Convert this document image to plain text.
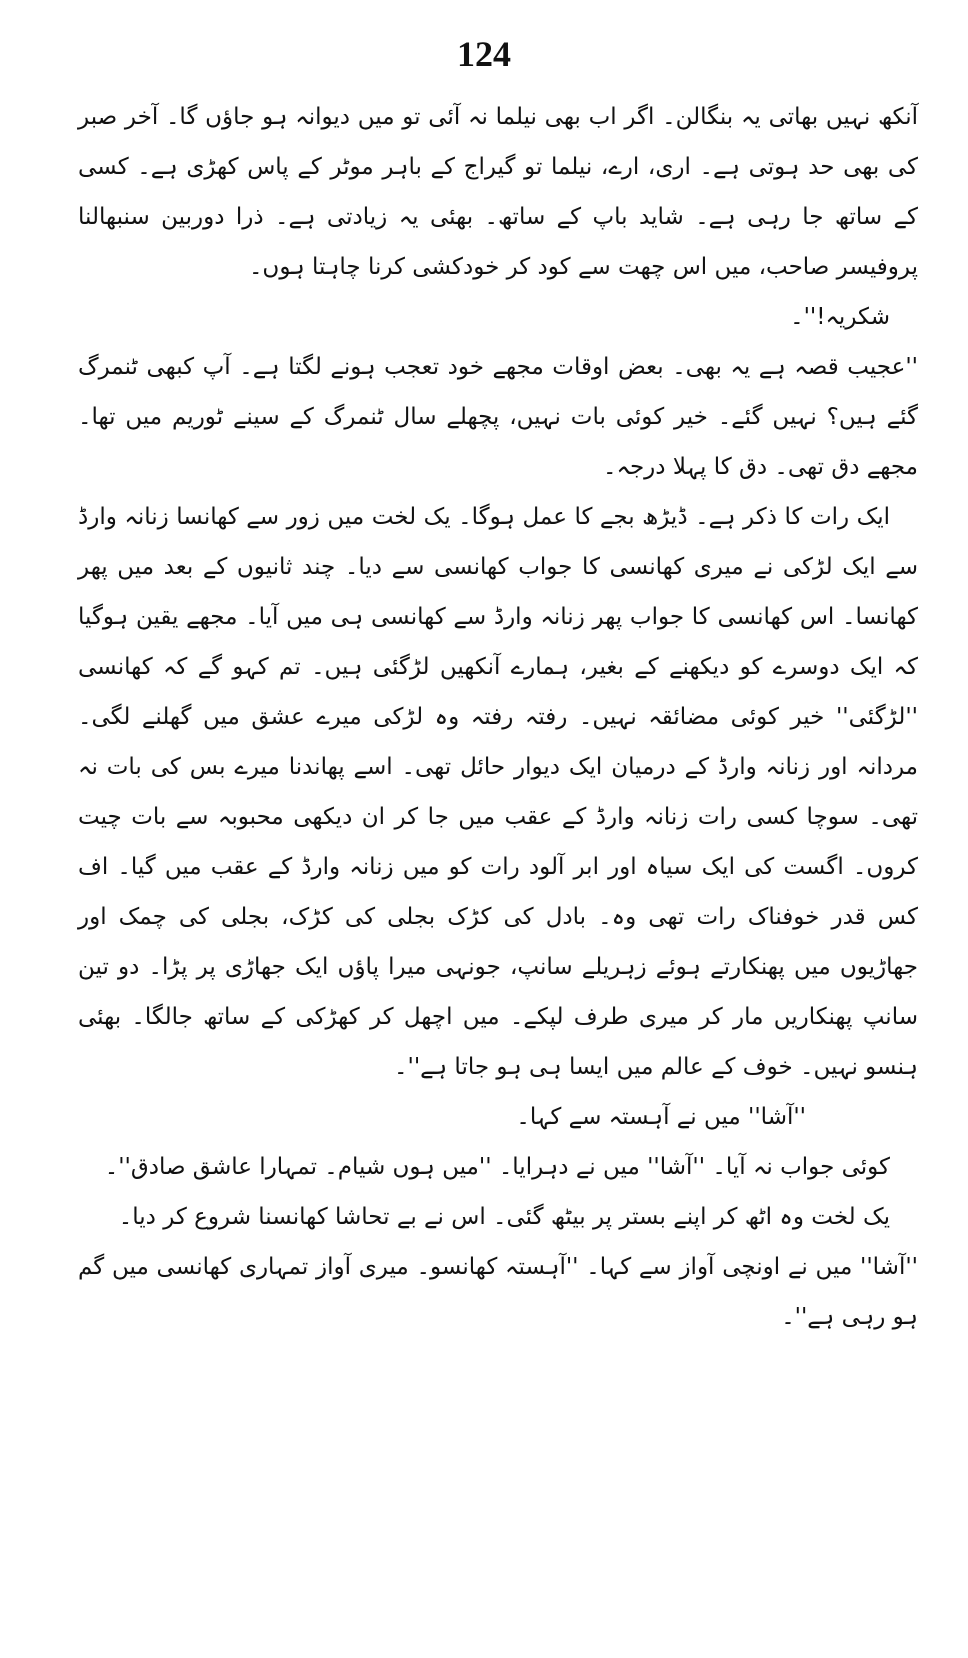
124

آنکھ نہیں بھاتی یہ بنگالن۔ اگر اب بھی نیلما نہ آئی تو میں دیوانہ ہو جاؤں گا۔ آخر صبر کی بھی حد ہوتی ہے۔ اری، ارے، نیلما تو گیراج کے باہر موٹر کے پاس کھڑی ہے۔ کسی کے ساتھ جا رہی ہے۔ شاید باپ کے ساتھ۔ بھئی یہ زیادتی ہے۔ ذرا دوربین سنبھالنا پروفیسر صاحب، میں اس چھت سے کود کر خودکشی کرنا چاہتا ہوں۔

شکریہ!''۔

''عجیب قصہ ہے یہ بھی۔ بعض اوقات مجھے خود تعجب ہونے لگتا ہے۔ آپ کبھی ٹنمرگ گئے ہیں؟ نہیں گئے۔ خیر کوئی بات نہیں، پچھلے سال ٹنمرگ کے سینے ٹوریم میں تھا۔ مجھے دق تھی۔ دق کا پہلا درجہ۔

ایک رات کا ذکر ہے۔ ڈیڑھ بجے کا عمل ہوگا۔ یک لخت میں زور سے کھانسا زنانہ وارڈ سے ایک لڑکی نے میری کھانسی کا جواب کھانسی سے دیا۔ چند ثانیوں کے بعد میں پھر کھانسا۔ اس کھانسی کا جواب پھر زنانہ وارڈ سے کھانسی ہی میں آیا۔ مجھے یقین ہوگیا کہ ایک دوسرے کو دیکھنے کے بغیر، ہمارے آنکھیں لڑگئی ہیں۔ تم کہو گے کہ کھانسی ''لڑگئی'' خیر کوئی مضائقہ نہیں۔ رفتہ رفتہ وہ لڑکی میرے عشق میں گھلنے لگی۔ مردانہ اور زنانہ وارڈ کے درمیان ایک دیوار حائل تھی۔ اسے پھاندنا میرے بس کی بات نہ تھی۔ سوچا کسی رات زنانہ وارڈ کے عقب میں جا کر ان دیکھی محبوبہ سے بات چیت کروں۔ اگست کی ایک سیاہ اور ابر آلود رات کو میں زنانہ وارڈ کے عقب میں گیا۔ اف کس قدر خوفناک رات تھی وہ۔ بادل کی کڑک بجلی کی کڑک، بجلی کی چمک اور جھاڑیوں میں پھنکارتے ہوئے زہریلے سانپ، جونہی میرا پاؤں ایک جھاڑی پر پڑا۔ دو تین سانپ پھنکاریں مار کر میری طرف لپکے۔ میں اچھل کر کھڑکی کے ساتھ جالگا۔ بھئی ہنسو نہیں۔ خوف کے عالم میں ایسا ہی ہو جاتا ہے''۔

''آشا'' میں نے آہستہ سے کہا۔

کوئی جواب نہ آیا۔ ''آشا'' میں نے دہرایا۔ ''میں ہوں شیام۔ تمہارا عاشق صادق''۔

یک لخت وہ اٹھ کر اپنے بستر پر بیٹھ گئی۔ اس نے بے تحاشا کھانسنا شروع کر دیا۔

''آشا'' میں نے اونچی آواز سے کہا۔ ''آہستہ کھانسو۔ میری آواز تمہاری کھانسی میں گم ہو رہی ہے''۔
